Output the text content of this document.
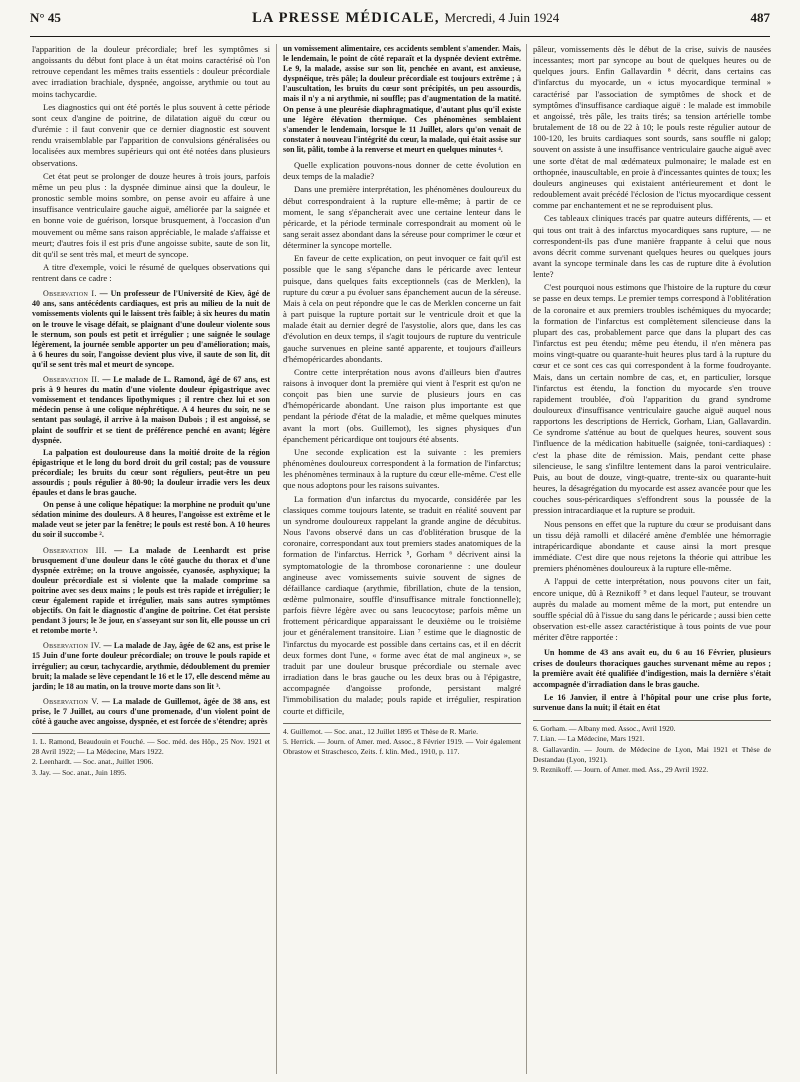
N° 45	LA PRESSE MÉDICALE, Mercredi, 4 Juin 1924	487

l'apparition de la douleur précordiale; bref les symptômes si angoissants du début font place à un état moins caractérisé où l'on retrouve cependant les mêmes traits essentiels : douleur précordiale avec irradiation brachiale, dyspnée, angoisse, arythmie ou tout au moins tachycardie.

Les diagnostics qui ont été portés le plus souvent à cette période sont ceux d'angine de poitrine, de dilatation aiguë du cœur ou d'urémie : il faut convenir que ce dernier diagnostic est souvent rendu vraisemblable par l'apparition de convulsions généralisées ou localisées aux membres supérieurs qui ont été notées dans plusieurs observations.

Cet état peut se prolonger de douze heures à trois jours, parfois même un peu plus : la dyspnée diminue ainsi que la douleur, le pronostic semble moins sombre, on pense avoir eu affaire à une insuffisance ventriculaire gauche aiguë, améliorée par la saignée et en bonne voie de guérison, lorsque brusquement, à l'occasion d'un mouvement ou même sans raison appréciable, le malade s'affaisse et meurt; d'autres fois il est pris d'une angoisse subite, saute de son lit, dit qu'il se sent très mal, et meurt de syncope.

A titre d'exemple, voici le résumé de quelques observations qui rentrent dans ce cadre :

Observation I. — Un professeur de l'Université de Kiev, âgé de 40 ans, sans antécédents cardiaques, est pris au milieu de la nuit de vomissements violents qui le laissent très faible; à six heures du matin on le trouve le visage défait, se plaignant d'une douleur violente sous le sternum, son pouls est petit et irrégulier ; une saignée le soulage légèrement, la journée semble apporter un peu d'amélioration; mais, à 6 heures du soir, l'angoisse devient plus vive, il saute de son lit, dit qu'il se sent très mal et meurt de syncope.

Observation II. — Le malade de L. Ramond, âgé de 67 ans, est pris à 9 heures du matin d'une violente douleur épigastrique avec vomissement et tendances lipothymiques ; il rentre chez lui et son médecin pense à une colique néphrétique. A 4 heures du soir, ne se sentant pas soulagé, il arrive à la maison Dubois ; il est angoissé, se plaint de souffrir et se tient de préférence penché en avant; légère dyspnée.

La palpation est douloureuse dans la moitié droite de la région épigastrique et le long du bord droit du gril costal; pas de voussure précordiale; les bruits du cœur sont réguliers, peut-être un peu assourdis ; pouls régulier à 80-90; la douleur irradie vers les deux épaules et dans le bras gauche.

On pense à une colique hépatique: la morphine ne produit qu'une sédation minime des douleurs. A 8 heures, l'angoisse est extrême et le malade veut se jeter par la fenêtre; le pouls est resté bon. A 10 heures du soir il succombe ².

Observation III. — La malade de Leenhardt est prise brusquement d'une douleur dans le côté gauche du thorax et d'une dyspnée extrême; on la trouve angoissée, cyanosée, asphyxique; la douleur précordiale est si violente que la malade comprime sa poitrine avec ses deux mains ; le pouls est très rapide et irrégulier; le cœur également rapide et irrégulier, mais sans autres symptômes objectifs. On fait le diagnostic d'angine de poitrine. Cet état persiste pendant 3 jours; le 3e jour, en s'asseyant sur son lit, elle pousse un cri et retombe morte ³.

Observation IV. — La malade de Jay, âgée de 62 ans, est prise le 15 Juin d'une forte douleur précordiale; on trouve le pouls rapide et irrégulier; au cœur, tachycardie, arythmie, dédoublement du premier bruit; la malade se lève cependant le 16 et le 17, elle descend même au jardin; le 18 au matin, on la trouve morte dans son lit ³.

Observation V. — La malade de Guillemot, âgée de 38 ans, est prise, le 7 Juillet, au cours d'une promenade, d'un violent point de côté à gauche avec angoisse, dyspnée, et est forcée de s'étendre; après

1. L. Ramond, Beaudouin et Fouché. — Soc. méd. des Hôp., 25 Nov. 1921 et 28 Avril 1922; — La Médecine, Mars 1922.
2. Leenhardt. — Soc. anat., Juillet 1906.
3. Jay. — Soc. anat., Juin 1895.

un vomissement alimentaire, ces accidents semblent s'amender. Mais, le lendemain, le point de côté reparaît et la dyspnée devient extrême. Le 9, la malade, assise sur son lit, penchée en avant, est anxieuse, dyspnéique, très pâle; la douleur précordiale est toujours extrême ; à l'auscultation, les bruits du cœur sont précipités, un peu assourdis, mais il n'y a ni arythmie, ni souffle; pas d'augmentation de la matité. On pense à une pleurésie diaphragmatique, d'autant plus qu'il existe une légère élévation thermique. Ces phénomènes semblaient s'amender le lendemain, lorsque le 11 Juillet, alors qu'on venait de constater à nouveau l'intégrité du cœur, la malade, qui était assise sur son lit, pâlit, tombe à la renverse et meurt en quelques minutes ⁴.

Quelle explication pouvons-nous donner de cette évolution en deux temps de la maladie?

Dans une première interprétation, les phénomènes douloureux du début correspondraient à la rupture elle-même; à partir de ce moment, le sang s'épancherait avec une certaine lenteur dans le péricarde, et la période terminale correspondrait au moment où le sang serait assez abondant dans la séreuse pour comprimer le cœur et déterminer la syncope mortelle.

En faveur de cette explication, on peut invoquer ce fait qu'il est possible que le sang s'épanche dans le péricarde avec lenteur puisque, dans quelques faits exceptionnels (cas de Merklen), la rupture du cœur a pu évoluer sans épanchement aucun de la séreuse. Mais à cela on peut répondre que le cas de Merklen concerne un fait à part puisque la rupture portait sur le ventricule droit et que la malade était au dernier degré de l'asystolie, alors que, dans les cas d'évolution en deux temps, il s'agit toujours de rupture du ventricule gauche survenues en pleine santé apparente, et toujours d'ailleurs d'hémopéricardes abondants.

Contre cette interprétation nous avons d'ailleurs bien d'autres raisons à invoquer dont la première qui vient à l'esprit est qu'on ne conçoit pas bien une survie de plusieurs jours en cas d'hémopéricarde abondant. Une raison plus importante est que pendant la période d'état de la maladie, et même quelques minutes avant la mort (obs. Guillemot), les signes physiques d'un épanchement péricardique ont toujours été absents.

Une seconde explication est la suivante : les premiers phénomènes douloureux correspondent à la formation de l'infarctus; les phénomènes terminaux à la rupture du cœur elle-même. C'est elle que nous adoptons pour les raisons suivantes.

La formation d'un infarctus du myocarde, considérée par les classiques comme toujours latente, se traduit en réalité souvent par un syndrome douloureux rappelant la grande angine de décubitus. Nous l'avons observé dans un cas d'oblitération brusque de la coronaire, correspondant aux tout premiers stades anatomiques de la formation de l'infarctus. Herrick ⁵, Gorham ⁶ décrivent ainsi la symptomatologie de la thrombose coronarienne : une douleur angineuse avec vomissements suivie souvent de signes de défaillance cardiaque (arythmie, fibrillation, chute de la tension, œdème pulmonaire, souffle d'insuffisance mitrale fonctionnelle); parfois fièvre légère avec ou sans leucocytose; parfois même un frottement péricardique apparaissant le deuxième ou le troisième jour et généralement transitoire. Lian ⁷ estime que le diagnostic de l'infarctus du myocarde est possible dans certains cas, et il en décrit deux formes dont l'une, « forme avec état de mal angineux », se traduit par une douleur brusque précordiale ou sternale avec irradiation dans le bras gauche ou les deux bras ou à l'épigastre, accompagnée d'angoisse profonde, persistant malgré l'immobilisation du malade; pouls rapide et irrégulier, respiration courte et difficile,

4. Guillemot. — Soc. anat., 12 Juillet 1895 et Thèse de R. Marie.
5. Herrick. — Journ. of Amer. med. Assoc., 8 Février 1919. — Voir également Obrastow et Straschesco, Zeits. f. klin. Med., 1910, p. 117.

pâleur, vomissements dès le début de la crise, suivis de nausées incessantes; mort par syncope au bout de quelques heures ou de quelques jours. Enfin Gallavardin ⁸ décrit, dans certains cas d'infarctus du myocarde, un « ictus myocardique terminal » caractérisé par l'association de symptômes de shock et de symptômes d'insuffisance cardiaque aiguë : le malade est immobile et angoissé, très pâle, les traits tirés; sa tension artérielle tombe brutalement de 18 ou de 22 à 10; le pouls reste régulier autour de 100-120, les bruits cardiaques sont sourds, sans souffle ni galop; souvent on assiste à une insuffisance ventriculaire gauche aiguë avec une sorte d'état de mal œdémateux pulmonaire; le malade est en orthopnée, inauscultable, en proie à d'incessantes quintes de toux; les douleurs angineuses qui existaient antérieurement et dont le redoublement avait précédé l'éclosion de l'ictus myocardique cessent comme par enchantement et ne se reproduisent plus.

Ces tableaux cliniques tracés par quatre auteurs différents, — et qui tous ont trait à des infarctus myocardiques sans rupture, — ne correspondent-ils pas d'une manière frappante à celui que nous avons décrit comme survenant quelques heures ou quelques jours avant la syncope terminale dans les cas de rupture dite à évolution lente?

C'est pourquoi nous estimons que l'histoire de la rupture du cœur se passe en deux temps. Le premier temps correspond à l'oblitération de la coronaire et aux premiers troubles ischémiques du myocarde; la formation de l'infarctus est complètement silencieuse dans la plupart des cas, probablement parce que dans la plupart des cas l'infarctus est peu étendu; même peu étendu, il n'en mènera pas moins vingt-quatre ou quarante-huit heures plus tard à la rupture du cœur et ce sont ces cas qui correspondent à la forme foudroyante. Mais, dans un certain nombre de cas, et, en particulier, lorsque l'infarctus est étendu, la fonction du myocarde s'en trouve rapidement troublée, d'où l'apparition du grand syndrome douloureux d'insuffisance ventriculaire gauche aiguë auquel nous rapportons les descriptions de Herrick, Gorham, Lian, Gallavardin. Ce syndrome s'atténue au bout de quelques heures, souvent sous l'influence de la médication habituelle (saignée, toni-cardiaques) : c'est la phase dite de rémission. Mais, pendant cette phase silencieuse, le sang s'infiltre lentement dans la paroi ventriculaire. Puis, au bout de douze, vingt-quatre, trente-six ou quarante-huit heures, la désagrégation du myocarde est assez avancée pour que les couches sous-péricardiques s'effondrent sous la poussée de la pression intracardiaque et la rupture se produit.

Nous pensons en effet que la rupture du cœur se produisant dans un tissu déjà ramolli et dilacéré amène d'emblée une hémorragie intrapéricardique abondante et cause ainsi la mort presque immédiate. C'est dire que nous rejetons la théorie qui attribue les premiers phénomènes douloureux à la rupture elle-même.

A l'appui de cette interprétation, nous pouvons citer un fait, encore unique, dû à Reznikoff ⁹ et dans lequel l'auteur, se trouvant auprès du malade au moment même de la mort, put entendre un souffle spécial dû à l'issue du sang dans le péricarde ; aussi bien cette observation est-elle assez caractéristique à tous points de vue pour mériter d'être rapportée :

Un homme de 43 ans avait eu, du 6 au 16 Février, plusieurs crises de douleurs thoraciques gauches survenant même au repos ; la première avait été qualifiée d'indigestion, mais la dernière s'était accompagnée d'irradiation dans le bras gauche.

Le 16 Janvier, il entre à l'hôpital pour une crise plus forte, survenue dans la nuit; il était en état

6. Gorham. — Albany med. Assoc., Avril 1920.
7. Lian. — La Médecine, Mars 1921.
8. Gallavardin. — Journ. de Médecine de Lyon, Mai 1921 et Thèse de Destandau (Lyon, 1921).
9. Reznikoff. — Journ. of Amer. med. Ass., 29 Avril 1922.
